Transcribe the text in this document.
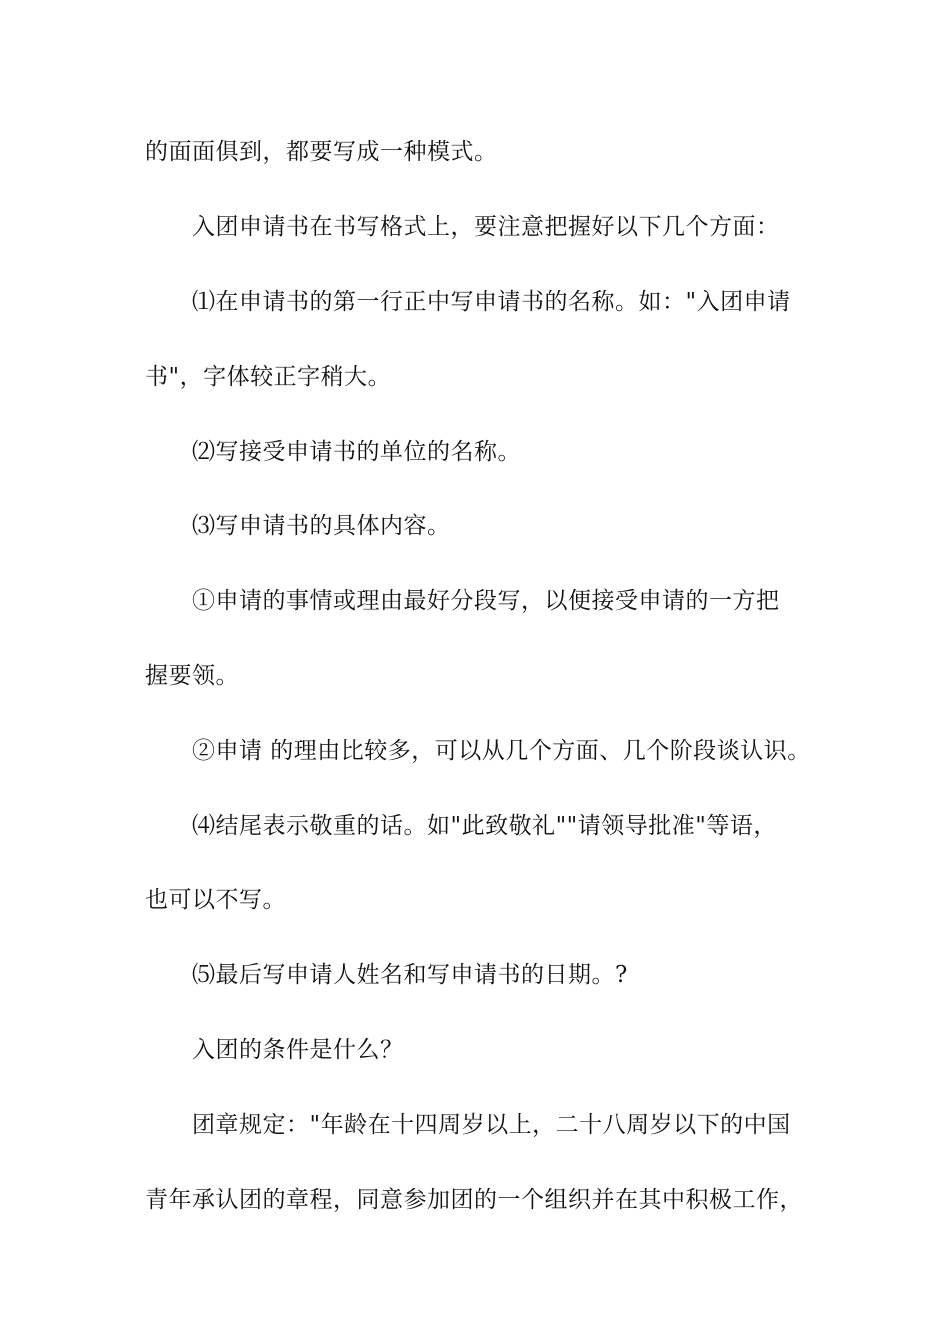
的面面俱到，都要写成一种模式。
入团申请书在书写格式上，要注意把握好以下几个方面：
⑴在申请书的第一行正中写申请书的名称。如："入团申请
书"，字体较正字稍大。
⑵写接受申请书的单位的名称。
⑶写申请书的具体内容。
①申请的事情或理由最好分段写，以便接受申请的一方把
握要领。
②申请 的理由比较多，可以从几个方面、几个阶段谈认识。
⑷结尾表示敬重的话。如"此致敬礼""请领导批准"等语，
也可以不写。
⑸最后写申请人姓名和写申请书的日期。?
入团的条件是什么？
团章规定："年龄在十四周岁以上，二十八周岁以下的中国
青年承认团的章程，同意参加团的一个组织并在其中积极工作，
